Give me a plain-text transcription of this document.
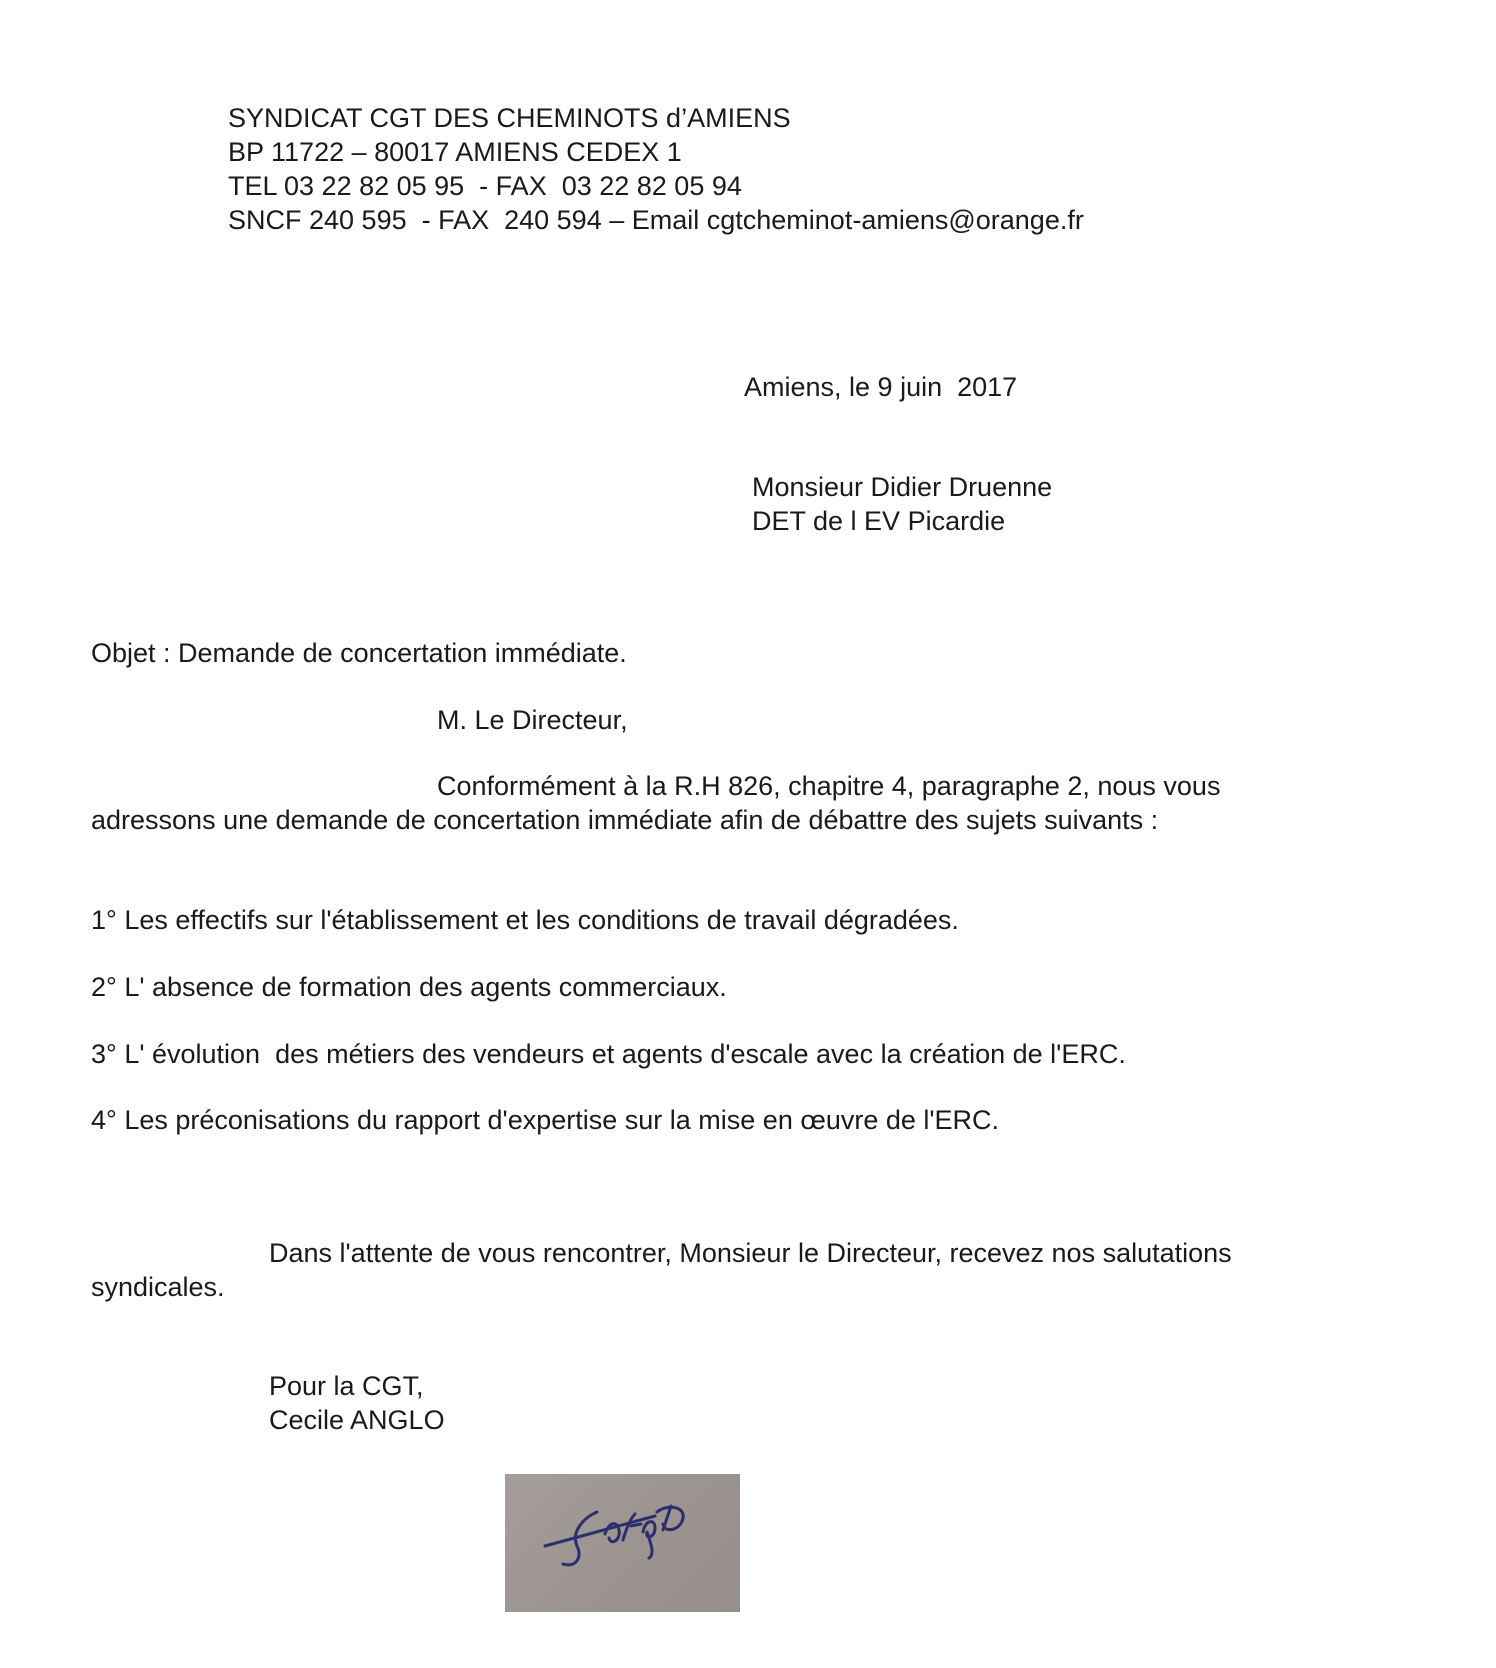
SYNDICAT CGT DES CHEMINOTS d’AMIENS
BP 11722 – 80017 AMIENS CEDEX 1
TEL 03 22 82 05 95  - FAX  03 22 82 05 94
SNCF 240 595  - FAX  240 594 – Email cgtcheminot-amiens@orange.fr
Amiens, le 9 juin  2017
Monsieur Didier Druenne
DET de l EV Picardie
Objet : Demande de concertation immédiate.
M. Le Directeur,
Conformément à la R.H 826, chapitre 4, paragraphe 2, nous vous
adressons une demande de concertation immédiate afin de débattre des sujets suivants :
1° Les effectifs sur l'établissement et les conditions de travail dégradées.
2° L' absence de formation des agents commerciaux.
3° L' évolution  des métiers des vendeurs et agents d'escale avec la création de l'ERC.
4° Les préconisations du rapport d'expertise sur la mise en œuvre de l'ERC.
Dans l'attente de vous rencontrer, Monsieur le Directeur, recevez nos salutations
syndicales.
Pour la CGT,
Cecile ANGLO
